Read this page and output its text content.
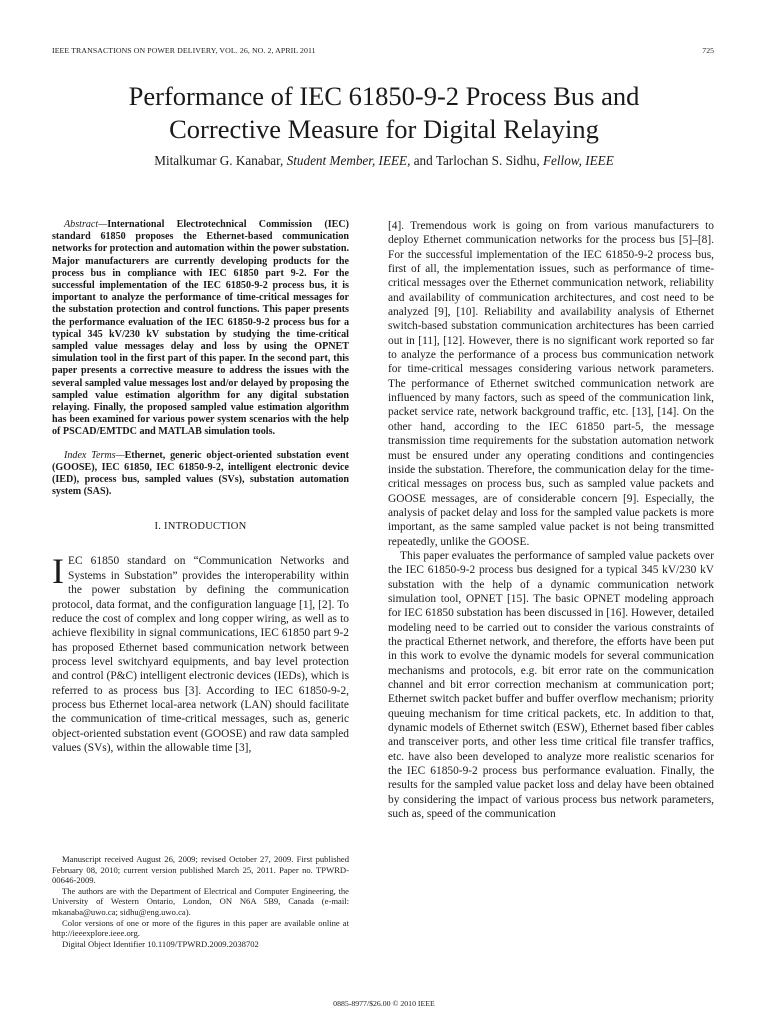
IEEE TRANSACTIONS ON POWER DELIVERY, VOL. 26, NO. 2, APRIL 2011	725
Performance of IEC 61850-9-2 Process Bus and
Corrective Measure for Digital Relaying
Mitalkumar G. Kanabar, Student Member, IEEE, and Tarlochan S. Sidhu, Fellow, IEEE

Abstract—International Electrotechnical Commission (IEC) standard 61850 proposes the Ethernet-based communication networks for protection and automation within the power substation. Major manufacturers are currently developing products for the process bus in compliance with IEC 61850 part 9-2. For the successful implementation of the IEC 61850-9-2 process bus, it is important to analyze the performance of time-critical messages for the substation protection and control functions. This paper presents the performance evaluation of the IEC 61850-9-2 process bus for a typical 345 kV/230 kV substation by studying the time-critical sampled value messages delay and loss by using the OPNET simulation tool in the first part of this paper. In the second part, this paper presents a corrective measure to address the issues with the several sampled value messages lost and/or delayed by proposing the sampled value estimation algorithm for any digital substation relaying. Finally, the proposed sampled value estimation algorithm has been examined for various power system scenarios with the help of PSCAD/EMTDC and MATLAB simulation tools.

Index Terms—Ethernet, generic object-oriented substation event (GOOSE), IEC 61850, IEC 61850-9-2, intelligent electronic device (IED), process bus, sampled values (SVs), substation automation system (SAS).

I. INTRODUCTION

IEC 61850 standard on “Communication Networks and Systems in Substation” provides the interoperability within the power substation by defining the communication protocol, data format, and the configuration language [1], [2]. To reduce the cost of complex and long copper wiring, as well as to achieve flexibility in signal communications, IEC 61850 part 9-2 has proposed Ethernet based communication network between process level switchyard equipments, and bay level protection and control (P&C) intelligent electronic devices (IEDs), which is referred to as process bus [3]. According to IEC 61850-9-2, process bus Ethernet local-area network (LAN) should facilitate the communication of time-critical messages, such as, generic object-oriented substation event (GOOSE) and raw data sampled values (SVs), within the allowable time [3],

Manuscript received August 26, 2009; revised October 27, 2009. First published February 08, 2010; current version published March 25, 2011. Paper no. TPWRD-00646-2009.

The authors are with the Department of Electrical and Computer Engineering, the University of Western Ontario, London, ON N6A 5B9, Canada (e-mail: mkanaba@uwo.ca; sidhu@eng.uwo.ca).

Color versions of one or more of the figures in this paper are available online at http://ieeexplore.ieee.org.

Digital Object Identifier 10.1109/TPWRD.2009.2038702

[4]. Tremendous work is going on from various manufacturers to deploy Ethernet communication networks for the process bus [5]–[8]. For the successful implementation of the IEC 61850-9-2 process bus, first of all, the implementation issues, such as performance of time-critical messages over the Ethernet communication network, reliability and availability of communication architectures, and cost need to be analyzed [9], [10]. Reliability and availability analysis of Ethernet switch-based substation communication architectures has been carried out in [11], [12]. However, there is no significant work reported so far to analyze the performance of a process bus communication network for time-critical messages considering various network parameters. The performance of Ethernet switched communication network are influenced by many factors, such as speed of the communication link, packet service rate, network background traffic, etc. [13], [14]. On the other hand, according to the IEC 61850 part-5, the message transmission time requirements for the substation automation network must be ensured under any operating conditions and contingencies inside the substation. Therefore, the communication delay for the time-critical messages on process bus, such as sampled value packets and GOOSE messages, are of considerable concern [9]. Especially, the analysis of packet delay and loss for the sampled value packets is more important, as the same sampled value packet is not being transmitted repeatedly, unlike the GOOSE.

This paper evaluates the performance of sampled value packets over the IEC 61850-9-2 process bus designed for a typical 345 kV/230 kV substation with the help of a dynamic communication network simulation tool, OPNET [15]. The basic OPNET modeling approach for IEC 61850 substation has been discussed in [16]. However, detailed modeling need to be carried out to consider the various constraints of the practical Ethernet network, and therefore, the efforts have been put in this work to evolve the dynamic models for several communication mechanisms and protocols, e.g. bit error rate on the communication channel and bit error correction mechanism at communication port; Ethernet switch packet buffer and buffer overflow mechanism; priority queuing mechanism for time critical packets, etc. In addition to that, dynamic models of Ethernet switch (ESW), Ethernet based fiber cables and transceiver ports, and other less time critical file transfer traffics, etc. have also been developed to analyze more realistic scenarios for the IEC 61850-9-2 process bus performance evaluation. Finally, the results for the sampled value packet loss and delay have been obtained by considering the impact of various process bus network parameters, such as, speed of the communication

0885-8977/$26.00 © 2010 IEEE
